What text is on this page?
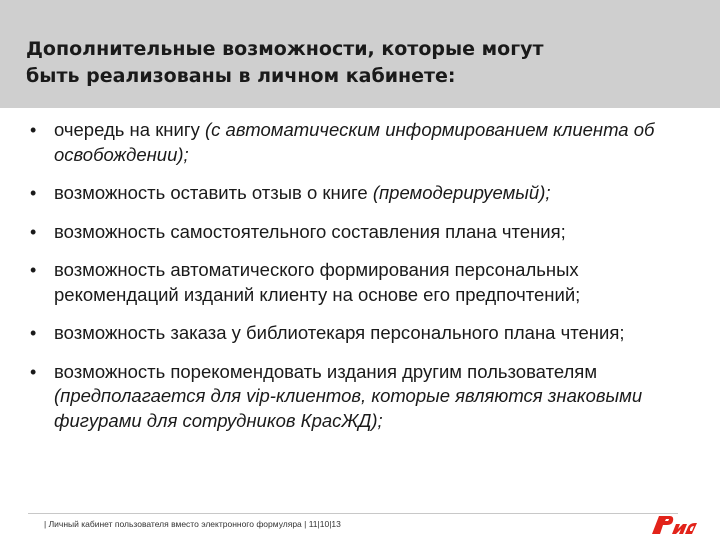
Дополнительные возможности, которые могут
быть реализованы в личном кабинете:
• очередь на книгу (с автоматическим информированием клиента об освобождении);
• возможность оставить отзыв о книге (премодерируемый);
• возможность самостоятельного составления плана чтения;
• возможность автоматического формирования персональных рекомендаций изданий клиенту на основе его предпочтений;
• возможность заказа у библиотекаря персонального плана чтения;
• возможность порекомендовать издания другим пользователям (предполагается для vip-клиентов, которые являются знаковыми фигурами для сотрудников КрасЖД);
| Личный кабинет пользователя вместо электронного формуляра | 11|10|13
